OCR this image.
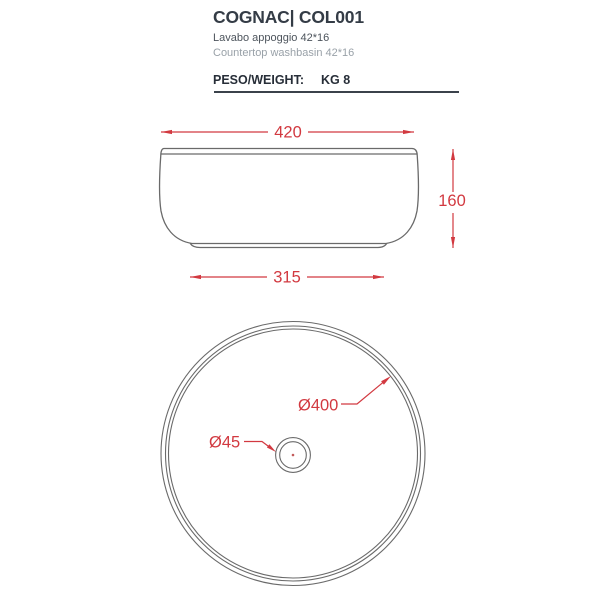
COGNAC| COL001
Lavabo appoggio 42*16
Countertop washbasin 42*16
PESO/WEIGHT: KG 8
420
160
315
Ø400
Ø45
